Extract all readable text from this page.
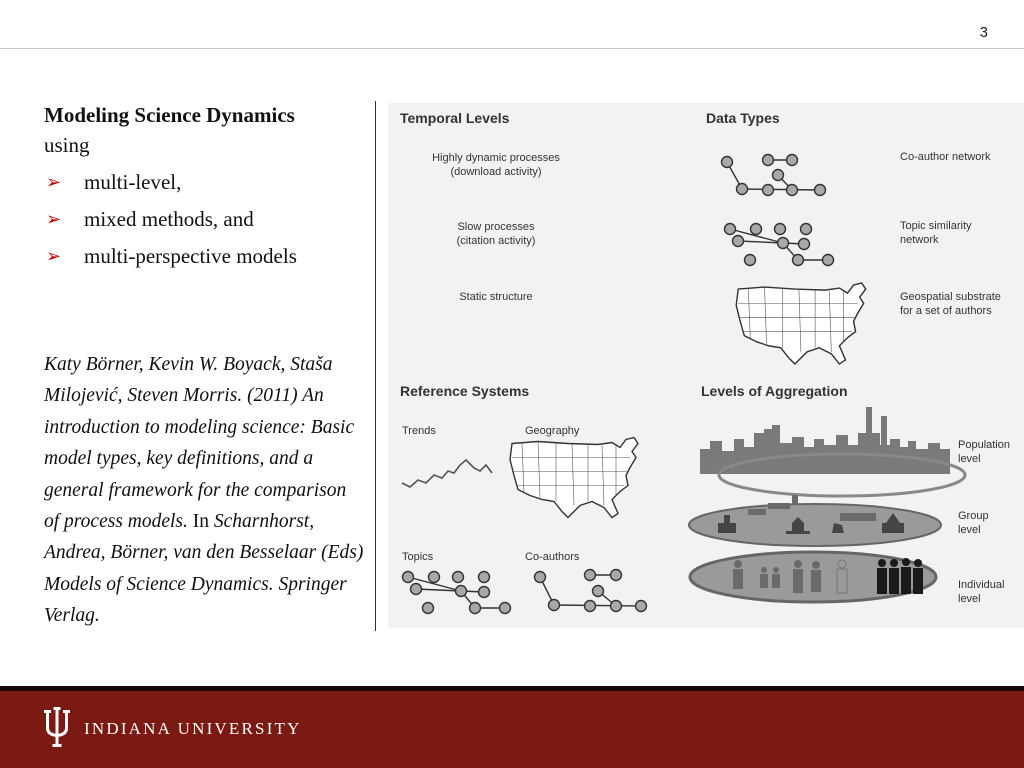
3
Modeling Science Dynamics
using
➢ multi-level,
➢ mixed methods, and
➢ multi-perspective models
Katy Börner, Kevin W. Boyack, Staša Milojević, Steven Morris. (2011) An introduction to modeling science: Basic model types, key definitions, and a general framework for the comparison of process models. In Scharnhorst, Andrea, Börner, van den Besselaar (Eds) Models of Science Dynamics. Springer Verlag.
Temporal Levels
Highly dynamic processes
(download activity)
Slow processes
(citation activity)
Static structure
Data Types
Co-author network
Topic similarity
network
Geospatial substrate
for a set of authors
Reference Systems
Trends	Geography
Topics	Co-authors
Levels of Aggregation
Population
level
Group
level
Individual
level
INDIANA UNIVERSITY
